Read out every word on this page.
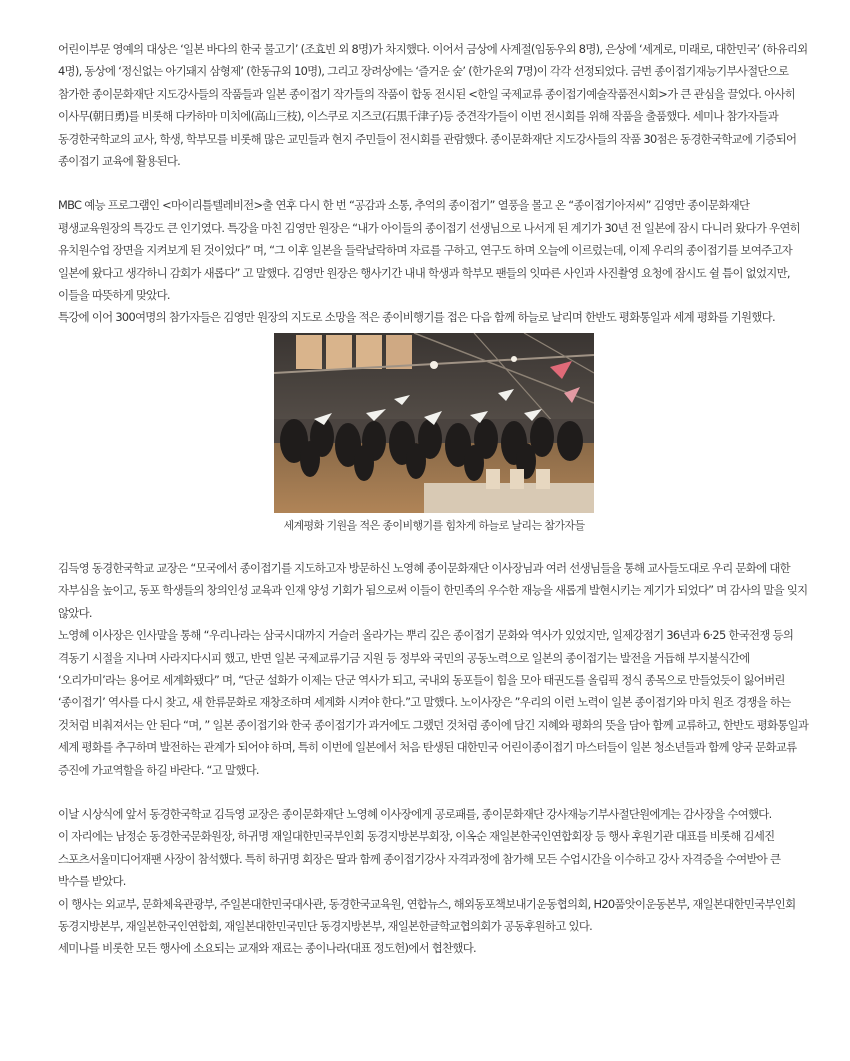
어린이부문 영예의 대상은 ‘일본 바다의 한국 물고기’ (조효빈 외 8명)가 차지했다. 이어서 금상에 사계절(임동우외 8명), 은상에 ‘세계로, 미래로, 대한민국’ (하유리외 4명), 동상에 ‘정신없는 아기돼지 삼형제’ (한동규외 10명), 그리고 장려상에는 ‘즐거운 숲’ (한가운외 7명)이 각각 선정되었다. 금번 종이접기재능기부사절단으로 참가한 종이문화재단 지도강사들의 작품들과 일본 종이접기 작가들의 작품이 합동 전시된 <한일 국제교류 종이접기예술작품전시회>가 큰 관심을 끌었다. 아사히 이사무(朝日勇)를 비롯해 다카하마 미치에(高山三枝), 이스쿠로 지즈코(石黒千津子)등 중견작가들이 이번 전시회를 위해 작품을 출품했다. 세미나 참가자들과 동경한국학교의 교사, 학생, 학부모를 비롯해 많은 교민들과 현지 주민들이 전시회를 관람했다. 종이문화재단 지도강사들의 작품 30점은 동경한국학교에 기증되어 종이접기 교육에 활용된다.

MBC 예능 프로그램인 <마이리틀텔레비전>출 연후 다시 한 번 “공감과 소통, 추억의 종이접기” 열풍을 몰고 온 “종이접기아저씨” 김영만 종이문화재단 평생교육원장의 특강도 큰 인기였다. 특강을 마친 김영만 원장은 “내가 아이들의 종이접기 선생님으로 나서게 된 계기가 30년 전 일본에 잠시 다니러 왔다가 우연히 유치원수업 장면을 지켜보게 된 것이었다” 며, “그 이후 일본을 들락날락하며 자료를 구하고, 연구도 하며 오늘에 이르렀는데, 이제 우리의 종이접기를 보여주고자 일본에 왔다고 생각하니 감회가 새롭다” 고 말했다. 김영만 원장은 행사기간 내내 학생과 학부모 팬들의 잇따른 사인과 사진촬영 요청에 잠시도 쉴 틈이 없었지만, 이들을 따뜻하게 맞았다.

특강에 이어 300여명의 참가자들은 김영만 원장의 지도로 소망을 적은 종이비행기를 접은 다음 함께 하늘로 날리며 한반도 평화통일과 세계 평화를 기원했다.

세계평화 기원을 적은 종이비행기를 힘차게 하늘로 날리는 참가자들

김득영 동경한국학교 교장은 “모국에서 종이접기를 지도하고자 방문하신 노영혜 종이문화재단 이사장님과 여러 선생님들을 통해 교사들도대로 우리 문화에 대한 자부심을 높이고, 동포 학생들의 창의인성 교육과 인재 양성 기회가 됨으로써 이들이 한민족의 우수한 재능을 새롭게 발현시키는 계기가 되었다” 며 감사의 말을 잊지 않았다.

노영혜 이사장은 인사말을 통해 “우리나라는 삼국시대까지 거슬러 올라가는 뿌리 깊은 종이접기 문화와 역사가 있었지만, 일제강점기 36년과 6·25 한국전쟁 등의 격동기 시절을 지나며 사라지다시피 했고, 반면 일본 국제교류기금 지원 등 정부와 국민의 공동노력으로 일본의 종이접기는 발전을 거듭해 부지불식간에 ‘오리가미’라는 용어로 세계화됐다” 며, “단군 설화가 이제는 단군 역사가 되고, 국내외 동포들이 힘을 모아 태권도를 올림픽 정식 종목으로 만들었듯이 잃어버린 ‘종이접기’ 역사를 다시 찾고, 새 한류문화로 재창조하며 세계화 시켜야 한다.”고 말했다. 노이사장은 ”우리의 이런 노력이 일본 종이접기와 마치 원조 경쟁을 하는 것처럼 비춰져서는 안 된다 “며, ” 일본 종이접기와 한국 종이접기가 과거에도 그랬던 것처럼 종이에 담긴 지혜와 평화의 뜻을 담아 함께 교류하고, 한반도 평화통일과 세계 평화를 추구하며 발전하는 관계가 되어야 하며, 특히 이번에 일본에서 처음 탄생된 대한민국 어린이종이접기 마스터들이 일본 청소년들과 함께 양국 문화교류 증진에 가교역할을 하길 바란다. “고 말했다.

이날 시상식에 앞서 동경한국학교 김득영 교장은 종이문화재단 노영혜 이사장에게 공로패를, 종이문화재단 강사재능기부사절단원에게는 감사장을 수여했다.

이 자리에는 남정순 동경한국문화원장, 하귀명 재일대한민국부인회 동경지방본부회장, 이옥순 재일본한국인연합회장 등 행사 후원기관 대표를 비롯해 김세진 스포츠서울미디어재팬 사장이 참석했다. 특히 하귀명 회장은 딸과 함께 종이접기강사 자격과정에 참가해 모든 수업시간을 이수하고 강사 자격증을 수여받아 큰 박수를 받았다.

이 행사는 외교부, 문화체육관광부, 주일본대한민국대사관, 동경한국교육원, 연합뉴스, 해외동포책보내기운동협의회, H20품앗이운동본부, 재일본대한민국부인회 동경지방본부, 재일본한국인연합회, 재일본대한민국민단 동경지방본부, 재일본한글학교협의회가 공동후원하고 있다.

세미나를 비롯한 모든 행사에 소요되는 교재와 재료는 종이나라(대표 정도헌)에서 협찬했다.
